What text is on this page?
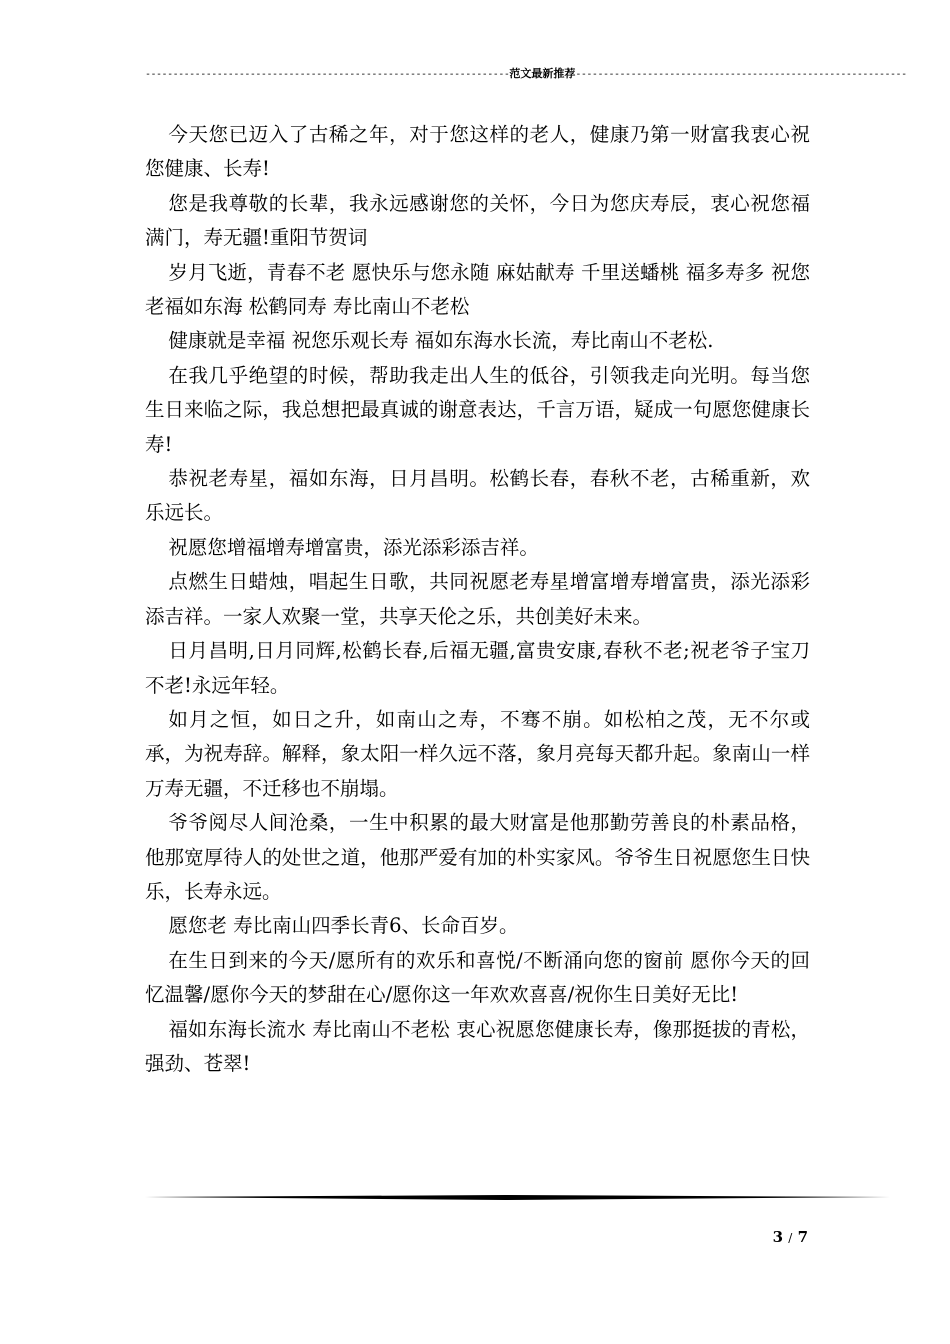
------------------------------------------------------------------范文最新推荐------------------------------------------------------------

今天您已迈入了古稀之年，对于您这样的老人，健康乃第一财富我衷心祝您健康、长寿!

您是我尊敬的长辈，我永远感谢您的关怀，今日为您庆寿辰，衷心祝您福满门，寿无疆!重阳节贺词

岁月飞逝，青春不老 愿快乐与您永随 麻姑献寿 千里送蟠桃 福多寿多 祝您老福如东海 松鹤同寿 寿比南山不老松

健康就是幸福 祝您乐观长寿 福如东海水长流，寿比南山不老松.

在我几乎绝望的时候，帮助我走出人生的低谷，引领我走向光明。每当您生日来临之际，我总想把最真诚的谢意表达，千言万语，疑成一句愿您健康长寿!

恭祝老寿星，福如东海，日月昌明。松鹤长春，春秋不老，古稀重新，欢乐远长。

祝愿您增福增寿增富贵，添光添彩添吉祥。

点燃生日蜡烛，唱起生日歌，共同祝愿老寿星增富增寿增富贵，添光添彩添吉祥。一家人欢聚一堂，共享天伦之乐，共创美好未来。

日月昌明,日月同辉,松鹤长春,后福无疆,富贵安康,春秋不老;祝老爷子宝刀不老!永远年轻。

如月之恒，如日之升，如南山之寿，不骞不崩。如松柏之茂，无不尔或承，为祝寿辞。解释，象太阳一样久远不落，象月亮每天都升起。象南山一样万寿无疆，不迁移也不崩塌。

爷爷阅尽人间沧桑，一生中积累的最大财富是他那勤劳善良的朴素品格，他那宽厚待人的处世之道，他那严爱有加的朴实家风。爷爷生日祝愿您生日快乐，长寿永远。

愿您老 寿比南山四季长青6、长命百岁。

在生日到来的今天/愿所有的欢乐和喜悦/不断涌向您的窗前 愿你今天的回忆温馨/愿你今天的梦甜在心/愿你这一年欢欢喜喜/祝你生日美好无比!

福如东海长流水 寿比南山不老松 衷心祝愿您健康长寿，像那挺拔的青松，强劲、苍翠!

3 / 7
